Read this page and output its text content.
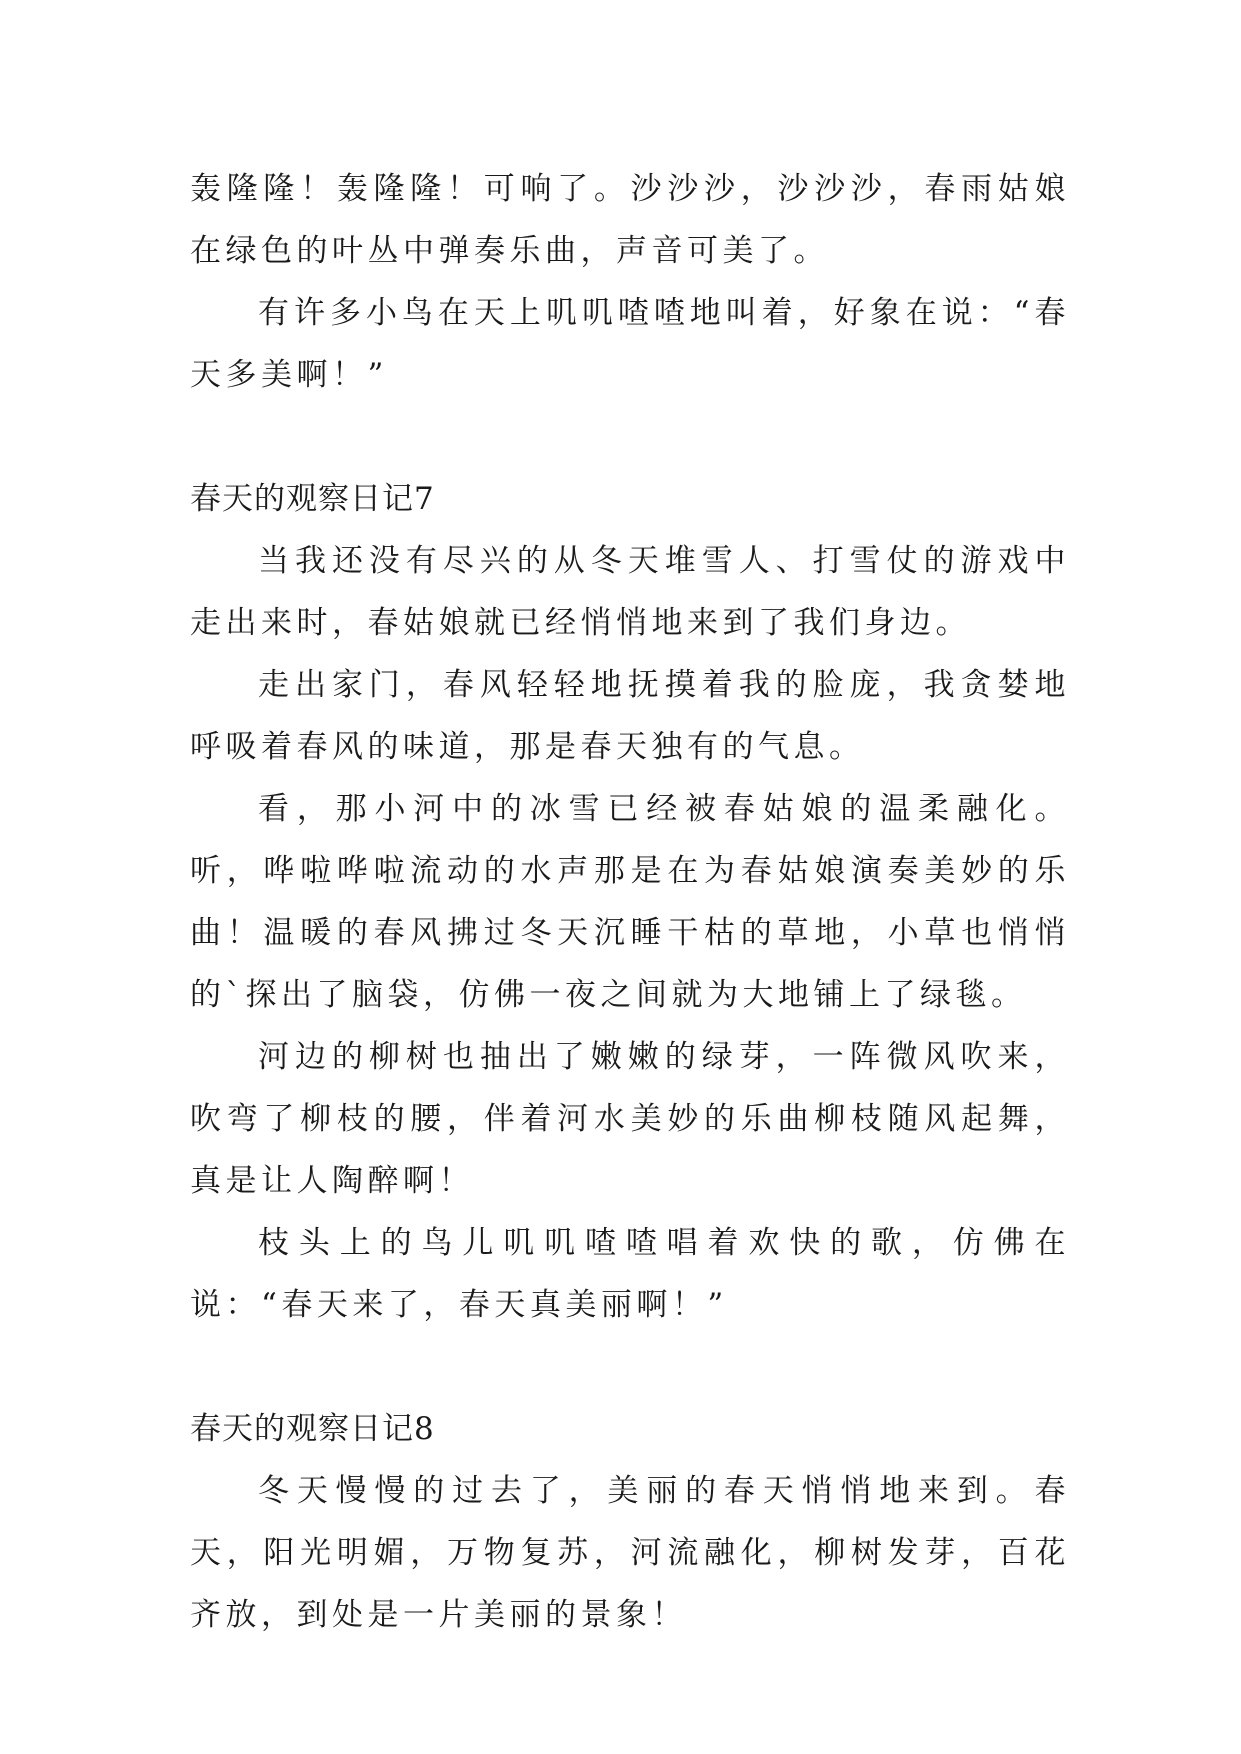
轰隆隆！轰隆隆！可响了。沙沙沙，沙沙沙，春雨姑娘在绿色的叶丛中弹奏乐曲，声音可美了。

有许多小鸟在天上叽叽喳喳地叫着，好象在说：“春天多美啊！”

春天的观察日记7

当我还没有尽兴的从冬天堆雪人、打雪仗的游戏中走出来时，春姑娘就已经悄悄地来到了我们身边。

走出家门，春风轻轻地抚摸着我的脸庞，我贪婪地呼吸着春风的味道，那是春天独有的气息。

看，那小河中的冰雪已经被春姑娘的温柔融化。听，哗啦哗啦流动的水声那是在为春姑娘演奏美妙的乐曲！温暖的春风拂过冬天沉睡干枯的草地，小草也悄悄的`探出了脑袋，仿佛一夜之间就为大地铺上了绿毯。

河边的柳树也抽出了嫩嫩的绿芽，一阵微风吹来，吹弯了柳枝的腰，伴着河水美妙的乐曲柳枝随风起舞，真是让人陶醉啊！

枝头上的鸟儿叽叽喳喳唱着欢快的歌，仿佛在说：“春天来了，春天真美丽啊！”

春天的观察日记8

冬天慢慢的过去了，美丽的春天悄悄地来到。春天，阳光明媚，万物复苏，河流融化，柳树发芽，百花齐放，到处是一片美丽的景象！
